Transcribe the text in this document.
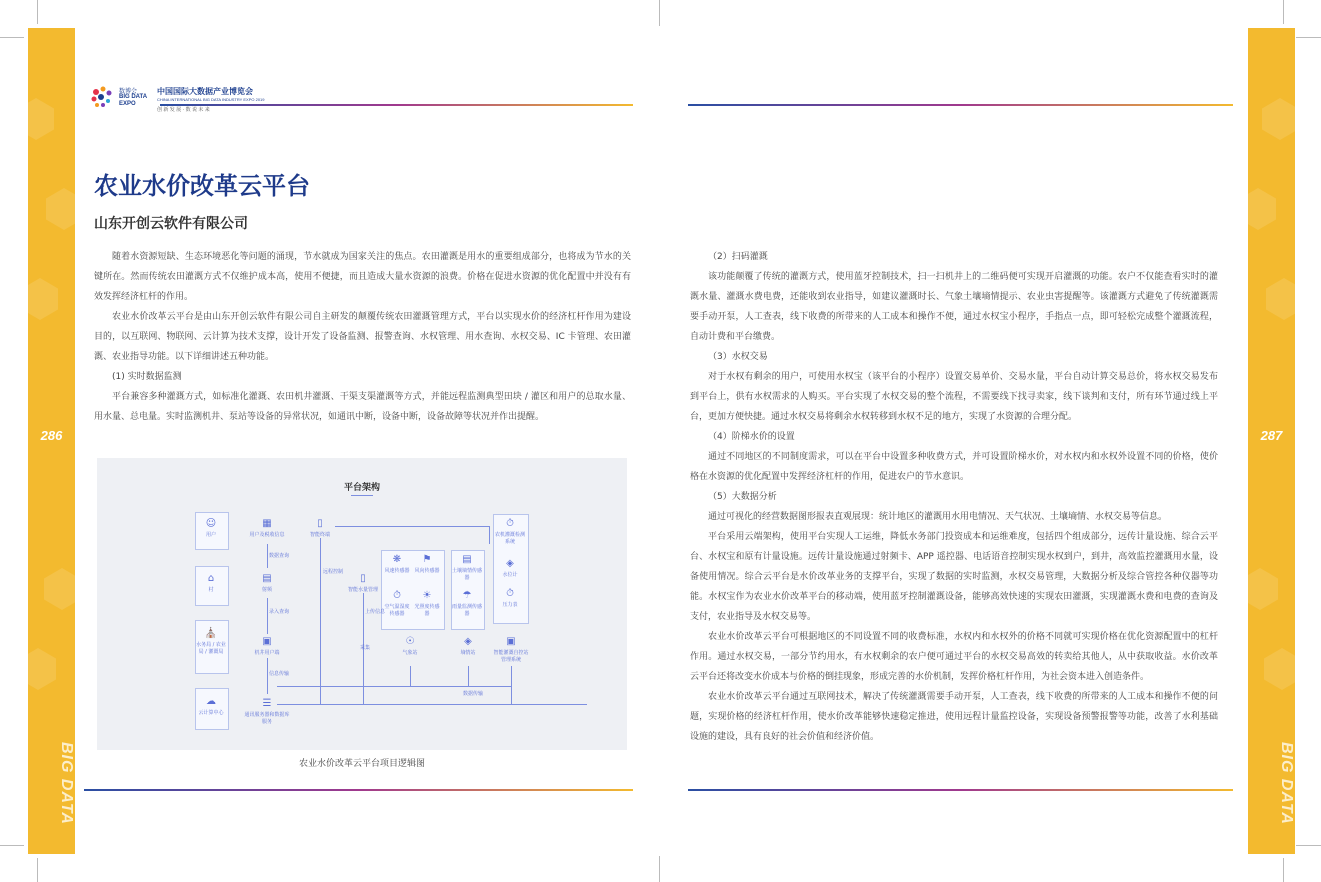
286
BIG DATA
287
BIG DATA
数博会
BIG DATA EXPO
中国国际大数据产业博览会
CHINA INTERNATIONAL BIG DATA INDUSTRY EXPO 2019
创 新 发 展 · 数 说 未 来
农业水价改革云平台
山东开创云软件有限公司

随着水资源短缺、生态环境恶化等问题的涌现，节水就成为国家关注的焦点。农田灌溉是用水的重要组成部分，也将成为节水的关键所在。然而传统农田灌溉方式不仅维护成本高，使用不便捷，而且造成大量水资源的浪费。价格在促进水资源的优化配置中并没有有效发挥经济杠杆的作用。

农业水价改革云平台是由山东开创云软件有限公司自主研发的颠覆传统农田灌溉管理方式，平台以实现水价的经济杠杆作用为建设目的，以互联网、物联网、云计算为技术支撑，设计开发了设备监测、报警查询、水权管理、用水查询、水权交易、IC 卡管理、农田灌溉、农业指导功能。以下详细讲述五种功能。

(1) 实时数据监测

平台兼容多种灌溉方式，如标准化灌溉、农田机井灌溉、干渠支渠灌溉等方式，并能远程监测典型田块 / 灌区和用户的总取水量、用水量、总电量。实时监测机井、泵站等设备的异常状况，如通讯中断，设备中断，设备故障等状况并作出提醒。

平台架构
☺
用户
⌂
村
⛪
水务局 / 农业局 / 灌溉局
☁
云计算中心
▦
用户及税收信息
▤
射频
▣
机井用户端
☰
通讯服务器和数据库服务
▯
智能终端
▯
智能水量管理
❋
风速传感器
⚑
风向传感器
⏱
空气温湿度传感器
☀
光照度传感器
▤
土壤墒情传感器
☂
雨量监测传感器
⏱
农机灌溉检测系统
◈
水位计
⏱
压力表
☉
气象站
◈
墒情站
▣
智能灌溉自控站管理系统
数据查询
录入查询
远程控制
上传信息
采集
信息传输
数据传输
农业水价改革云平台项目逻辑图

（2）扫码灌溉

该功能颠覆了传统的灌溉方式，使用蓝牙控制技术，扫一扫机井上的二维码便可实现开启灌溉的功能。农户不仅能查看实时的灌溉水量、灌溉水费电费，还能收到农业指导，如建议灌溉时长、气象土壤墒情提示、农业虫害提醒等。该灌溉方式避免了传统灌溉需要手动开泵，人工查表，线下收费的所带来的人工成本和操作不便，通过水权宝小程序，手指点一点，即可轻松完成整个灌溉流程，自动计费和平台缴费。

（3）水权交易

对于水权有剩余的用户，可使用水权宝（该平台的小程序）设置交易单价、交易水量，平台自动计算交易总价，将水权交易发布到平台上，供有水权需求的人购买。平台实现了水权交易的整个流程，不需要线下找寻卖家，线下谈判和支付，所有环节通过线上平台，更加方便快捷。通过水权交易将剩余水权转移到水权不足的地方，实现了水资源的合理分配。

（4）阶梯水价的设置

通过不同地区的不同制度需求，可以在平台中设置多种收费方式，并可设置阶梯水价，对水权内和水权外设置不同的价格，使价格在水资源的优化配置中发挥经济杠杆的作用，促进农户的节水意识。

（5）大数据分析

通过可视化的经营数据图形报表直观展现：统计地区的灌溉用水用电情况、天气状况、土壤墒情、水权交易等信息。

平台采用云端架构，使用平台实现人工运维，降低水务部门投资成本和运维难度，包括四个组成部分，远传计量设施、综合云平台、水权宝和原有计量设施。远传计量设施通过射频卡、APP 遥控器、电话语音控制实现水权到户，到井，高效监控灌溉用水量，设备使用情况。综合云平台是水价改革业务的支撑平台，实现了数据的实时监测，水权交易管理，大数据分析及综合管控各种仪器等功能。水权宝作为农业水价改革平台的移动端，使用蓝牙控制灌溉设备，能够高效快速的实现农田灌溉，实现灌溉水费和电费的查询及支付，农业指导及水权交易等。

农业水价改革云平台可根据地区的不同设置不同的收费标准，水权内和水权外的价格不同就可实现价格在优化资源配置中的杠杆作用。通过水权交易，一部分节约用水，有水权剩余的农户便可通过平台的水权交易高效的转卖给其他人，从中获取收益。水价改革云平台还将改变水价成本与价格的倒挂现象，形成完善的水价机制，发挥价格杠杆作用，为社会资本进入创造条件。

农业水价改革云平台通过互联网技术，解决了传统灌溉需要手动开泵，人工查表，线下收费的所带来的人工成本和操作不便的问题，实现价格的经济杠杆作用，使水价改革能够快速稳定推进，使用远程计量监控设备，实现设备预警报警等功能，改善了水利基础设施的建设，具有良好的社会价值和经济价值。
